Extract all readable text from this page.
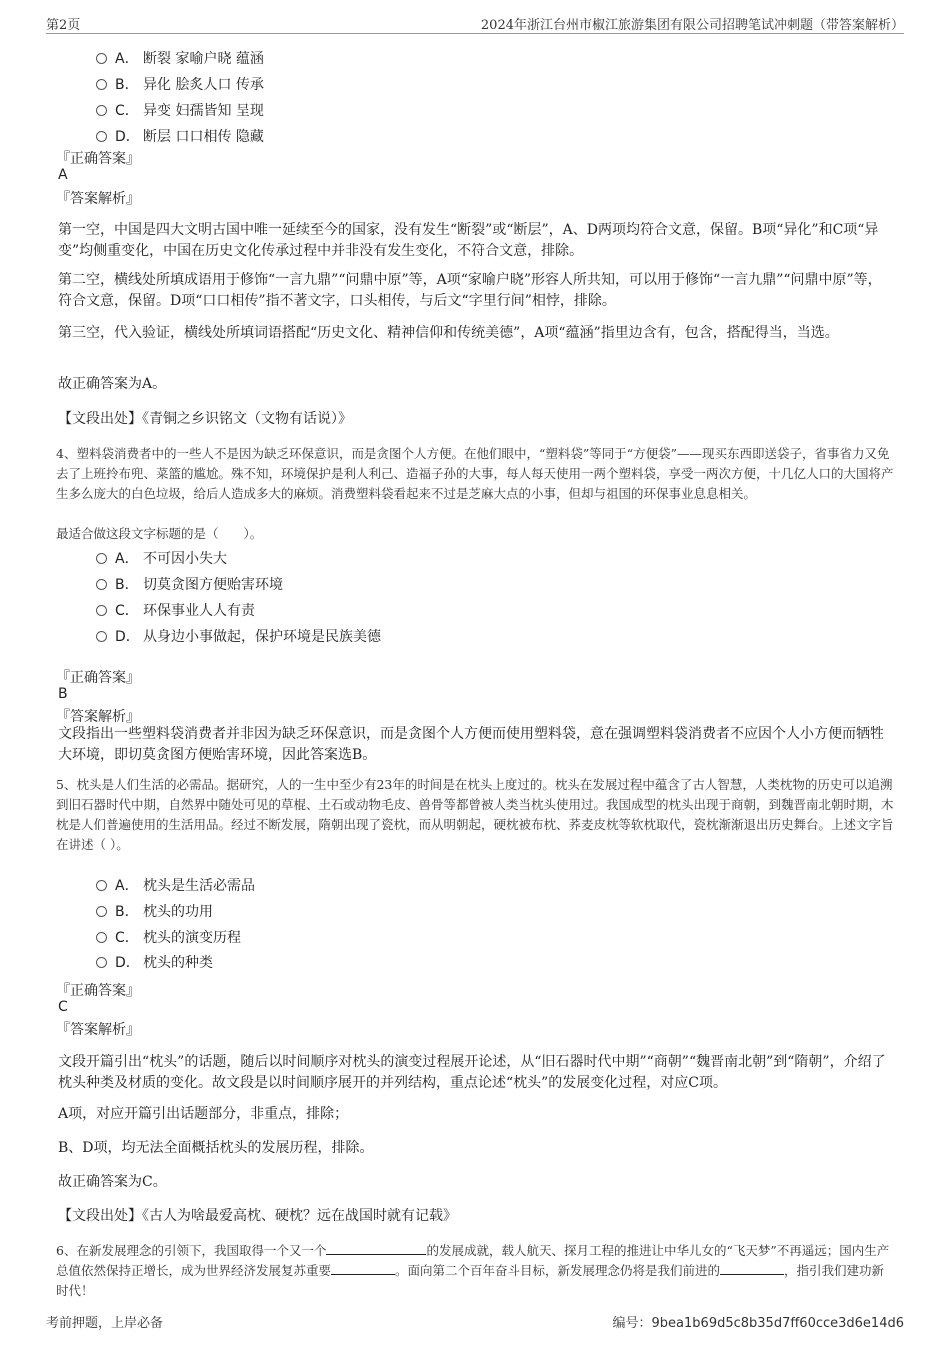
第2页	2024年浙江台州市椒江旅游集团有限公司招聘笔试冲刺题（带答案解析）
A． 断裂 家喻户晓 蕴涵
B． 异化 脍炙人口 传承
C． 异变 妇孺皆知 呈现
D． 断层 口口相传 隐藏
『正确答案』
A
『答案解析』
第一空，中国是四大文明古国中唯一延续至今的国家，没有发生“断裂”或“断层”，A、D两项均符合文意，保留。B项“异化”和C项“异变”均侧重变化，中国在历史文化传承过程中并非没有发生变化，不符合文意，排除。
第二空，横线处所填成语用于修饰“一言九鼎”“问鼎中原”等，A项“家喻户晓”形容人所共知，可以用于修饰“一言九鼎”“问鼎中原”等，符合文意，保留。D项“口口相传”指不著文字，口头相传，与后文“字里行间”相悖，排除。
第三空，代入验证，横线处所填词语搭配“历史文化、精神信仰和传统美德”，A项“蕴涵”指里边含有，包含，搭配得当，当选。
故正确答案为A。
【文段出处】《青铜之乡识铭文（文物有话说）》
4、塑料袋消费者中的一些人不是因为缺乏环保意识，而是贪图个人方便。在他们眼中，“塑料袋”等同于“方便袋”——现买东西即送袋子，省事省力又免去了上班拎布兜、菜篮的尴尬。殊不知，环境保护是利人利己、造福子孙的大事，每人每天使用一两个塑料袋，享受一两次方便，十几亿人口的大国将产生多么庞大的白色垃圾，给后人造成多大的麻烦。消费塑料袋看起来不过是芝麻大点的小事，但却与祖国的环保事业息息相关。
最适合做这段文字标题的是（　　）。
A． 不可因小失大
B． 切莫贪图方便贻害环境
C． 环保事业人人有责
D． 从身边小事做起，保护环境是民族美德
『正确答案』
B
『答案解析』
文段指出一些塑料袋消费者并非因为缺乏环保意识，而是贪图个人方便而使用塑料袋，意在强调塑料袋消费者不应因个人小方便而牺牲大环境，即切莫贪图方便贻害环境，因此答案选B。
5、枕头是人们生活的必需品。据研究，人的一生中至少有23年的时间是在枕头上度过的。枕头在发展过程中蕴含了古人智慧，人类枕物的历史可以追溯到旧石器时代中期，自然界中随处可见的草棍、土石或动物毛皮、兽骨等都曾被人类当枕头使用过。我国成型的枕头出现于商朝，到魏晋南北朝时期，木枕是人们普遍使用的生活用品。经过不断发展，隋朝出现了瓷枕，而从明朝起，硬枕被布枕、荞麦皮枕等软枕取代，瓷枕渐渐退出历史舞台。上述文字旨在讲述（ ）。
A． 枕头是生活必需品
B． 枕头的功用
C． 枕头的演变历程
D． 枕头的种类
『正确答案』
C
『答案解析』
文段开篇引出“枕头”的话题，随后以时间顺序对枕头的演变过程展开论述，从“旧石器时代中期”“商朝”“魏晋南北朝”到“隋朝”，介绍了枕头种类及材质的变化。故文段是以时间顺序展开的并列结构，重点论述“枕头”的发展变化过程，对应C项。
A项，对应开篇引出话题部分，非重点，排除；
B、D项，均无法全面概括枕头的发展历程，排除。
故正确答案为C。
【文段出处】《古人为啥最爱高枕、硬枕？远在战国时就有记载》
6、在新发展理念的引领下，我国取得一个又一个	的发展成就，载人航天、探月工程的推进让中华儿女的“飞天梦”不再遥远；国内生产总值依然保持正增长，成为世界经济发展复苏重要	。面向第二个百年奋斗目标，新发展理念仍将是我们前进的	，指引我们建功新时代！
考前押题，上岸必备	编号：9bea1b69d5c8b35d7ff60cce3d6e14d6
